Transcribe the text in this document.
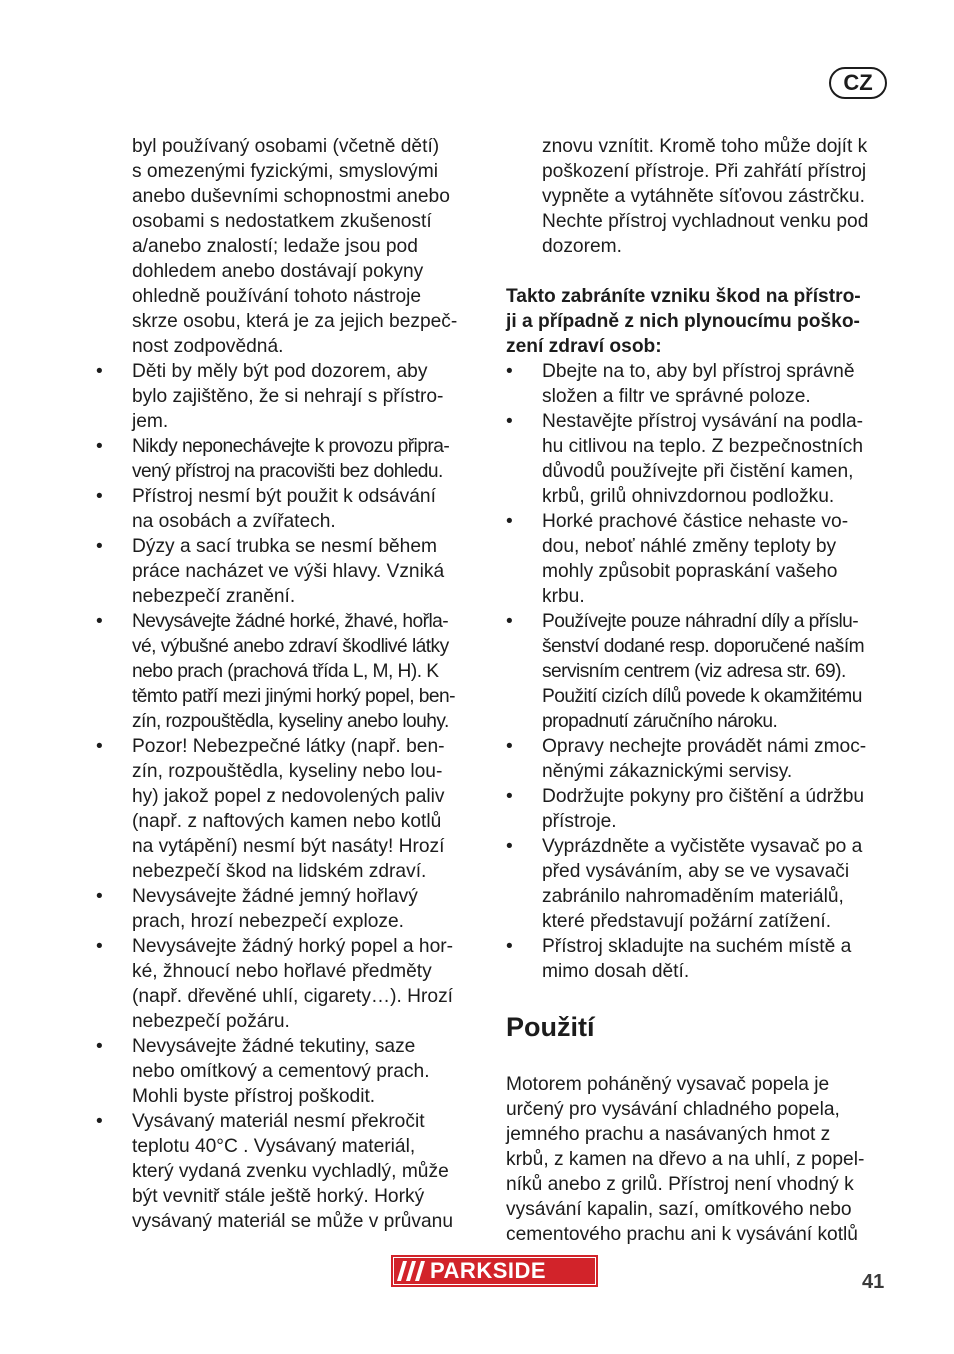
CZ
byl používaný osobami (včetně dětí)
s omezenými fyzickými, smyslovými
anebo duševními schopnostmi anebo
osobami s nedostatkem zkušeností
a/anebo znalostí; ledaže jsou pod
dohledem anebo dostávají pokyny
ohledně používání tohoto nástroje
skrze osobu, která je za jejich bezpeč-
nost zodpovědná.
• Děti by měly být pod dozorem, aby
bylo zajištěno, že si nehrají s přístro-
jem.
•	Nikdy neponechávejte k provozu připra-
vený přístroj na pracovišti bez dohledu.
• Přístroj nesmí být použit k odsávání
na osobách a zvířatech.
• Dýzy a sací trubka se nesmí během
práce nacházet ve výši hlavy. Vzniká
nebezpečí zranění.
•	Nevysávejte žádné horké, žhavé, hořla-
vé, výbušné anebo zdraví škodlivé látky
nebo prach (prachová třída L, M, H). K
těmto patří mezi jinými horký popel, ben-
zín, rozpouštědla, kyseliny anebo louhy.
• Pozor! Nebezpečné látky (např. ben-
zín, rozpouštědla, kyseliny nebo lou-
hy) jakož popel z nedovolených paliv
(např. z naftových kamen nebo kotlů
na vytápění) nesmí být nasáty! Hrozí
nebezpečí škod na lidském zdraví.
• Nevysávejte žádné jemný hořlavý
prach, hrozí nebezpečí exploze.
• Nevysávejte žádný horký popel a hor-
ké, žhnoucí nebo hořlavé předměty
(např. dřevěné uhlí, cigarety…). Hrozí
nebezpečí požáru.
• Nevysávejte žádné tekutiny, saze
nebo omítkový a cementový prach.
Mohli byste přístroj poškodit.
• Vysávaný materiál nesmí překročit
teplotu 40°C . Vysávaný materiál,
který vydaná zvenku vychladlý, může
být vevnitř stále ještě horký. Horký
vysávaný materiál se může v průvanu
znovu vznítit. Kromě toho může dojít k
poškození přístroje. Při zahřátí přístroj
vypněte a vytáhněte síťovou zástrčku.
Nechte přístroj vychladnout venku pod
dozorem.
Takto zabráníte vzniku škod na přístro-
ji a případně z nich plynoucímu poško-
zení zdraví osob:
• Dbejte na to, aby byl přístroj správně
složen a filtr ve správné poloze.
• Nestavějte přístroj vysávání na podla-
hu citlivou na teplo. Z bezpečnostních
důvodů používejte při čistění kamen,
krbů, grilů ohnivzdornou podložku.
• Horké prachové částice nehaste vo-
dou, neboť náhlé změny teploty by
mohly způsobit popraskání vašeho
krbu.
•	Používejte pouze náhradní díly a příslu-
šenství dodané resp. doporučené naším
servisním centrem (viz adresa str. 69).
Použití cizích dílů povede k okamžitému
propadnutí záručního nároku.
• Opravy nechejte provádět námi zmoc-
něnými zákaznickými servisy.
• Dodržujte pokyny pro čištění a údržbu
přístroje.
• Vyprázdněte a vyčistěte vysavač po a
před vysáváním, aby se ve vysavači
zabránilo nahromaděním materiálů,
které představují požární zatížení.
• Přístroj skladujte na suchém místě a
mimo dosah dětí.
Použití
Motorem poháněný vysavač popela je
určený pro vysávání chladného popela,
jemného prachu a nasávaných hmot z
krbů, z kamen na dřevo a na uhlí, z popel-
níků anebo z grilů. Přístroj není vhodný k
vysávání kapalin, sazí, omítkového nebo
cementového prachu ani k vysávání kotlů
PARKSIDE	41
